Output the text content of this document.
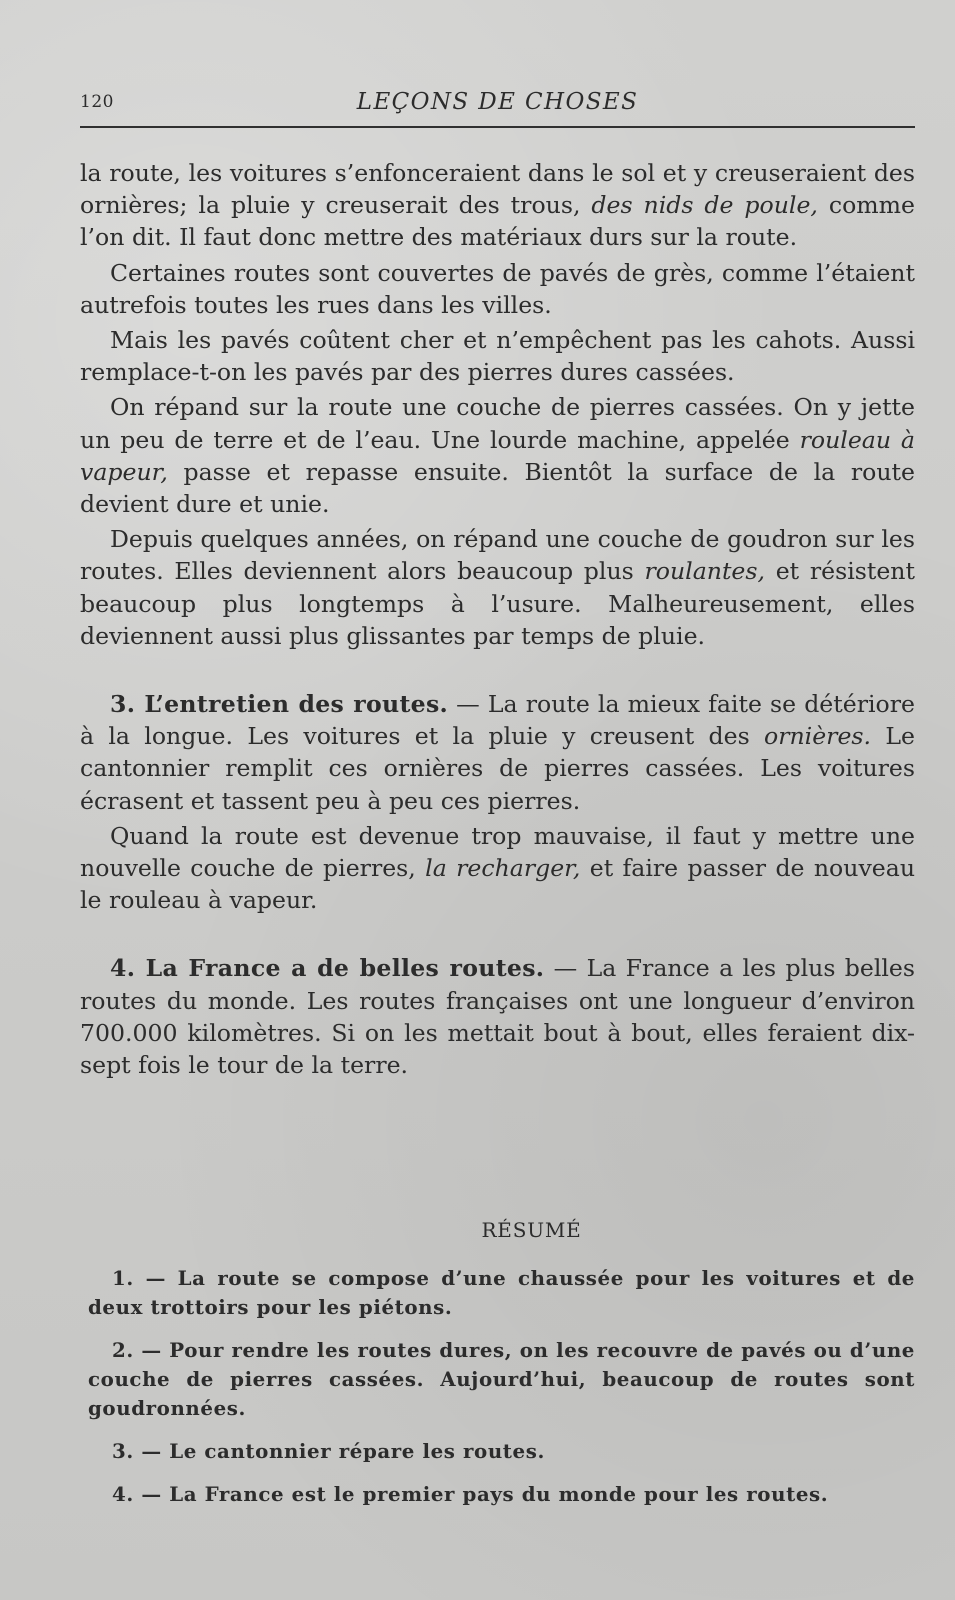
120	LEÇONS DE CHOSES

la route, les voitures s’enfonceraient dans le sol et y creuseraient des ornières; la pluie y creuserait des trous, des nids de poule, comme l’on dit. Il faut donc mettre des matériaux durs sur la route.

Certaines routes sont couvertes de pavés de grès, comme l’étaient autrefois toutes les rues dans les villes.

Mais les pavés coûtent cher et n’empêchent pas les cahots. Aussi remplace-t-on les pavés par des pierres dures cassées.

On répand sur la route une couche de pierres cassées. On y jette un peu de terre et de l’eau. Une lourde machine, appelée rouleau à vapeur, passe et repasse ensuite. Bientôt la surface de la route devient dure et unie.

Depuis quelques années, on répand une couche de goudron sur les routes. Elles deviennent alors beaucoup plus roulantes, et résistent beaucoup plus longtemps à l’usure. Malheureusement, elles deviennent aussi plus glissantes par temps de pluie.

3. L’entretien des routes. — La route la mieux faite se détériore à la longue. Les voitures et la pluie y creusent des ornières. Le cantonnier remplit ces ornières de pierres cassées. Les voitures écrasent et tassent peu à peu ces pierres.

Quand la route est devenue trop mauvaise, il faut y mettre une nouvelle couche de pierres, la recharger, et faire passer de nouveau le rouleau à vapeur.

4. La France a de belles routes. — La France a les plus belles routes du monde. Les routes françaises ont une longueur d’environ 700.000 kilomètres. Si on les mettait bout à bout, elles feraient dix-sept fois le tour de la terre.

RÉSUMÉ

1. — La route se compose d’une chaussée pour les voitures et de deux trottoirs pour les piétons.

2. — Pour rendre les routes dures, on les recouvre de pavés ou d’une couche de pierres cassées. Aujourd’hui, beaucoup de routes sont goudronnées.

3. — Le cantonnier répare les routes.

4. — La France est le premier pays du monde pour les routes.
